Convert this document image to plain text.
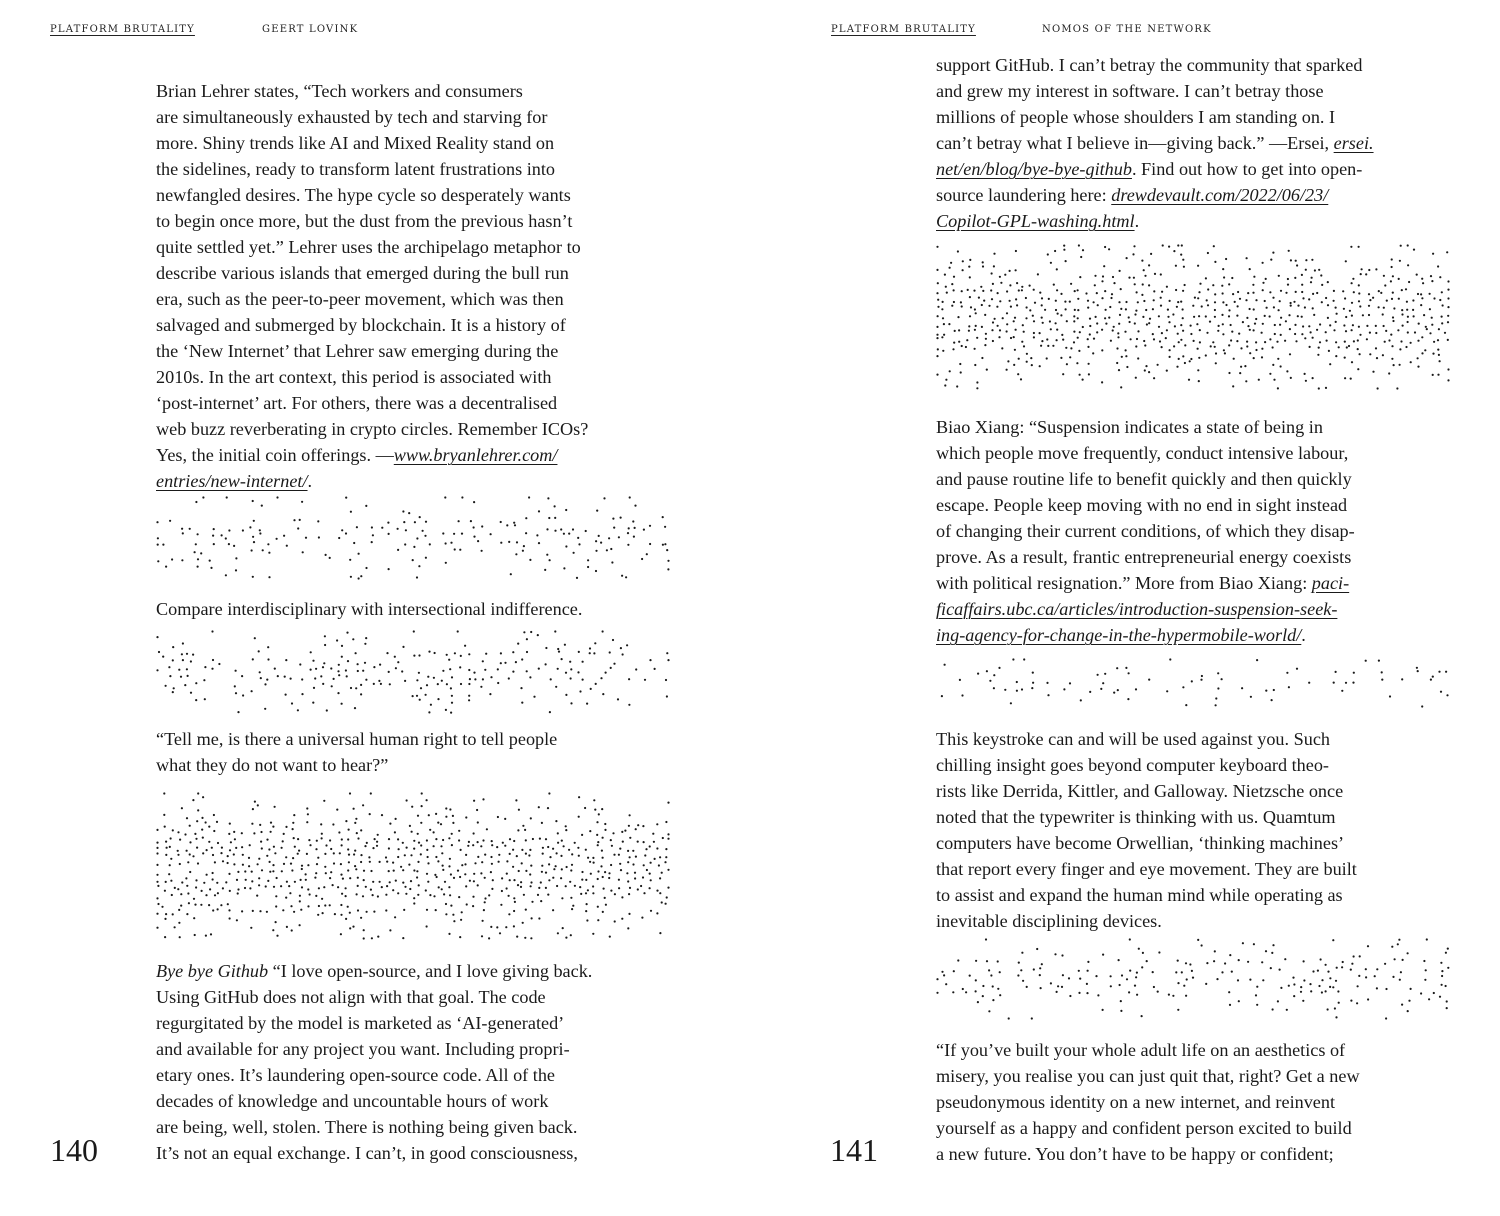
PLATFORM BRUTALITY	GEERT LOVINK
Brian Lehrer states, “Tech workers and consumers
are simultaneously exhausted by tech and starving for
more. Shiny trends like AI and Mixed Reality stand on
the sidelines, ready to transform latent frustrations into
newfangled desires. The hype cycle so desperately wants
to begin once more, but the dust from the previous hasn’t
quite settled yet.” Lehrer uses the archipelago metaphor to
describe various islands that emerged during the bull run
era, such as the peer-to-peer movement, which was then
salvaged and submerged by blockchain. It is a history of
the ‘New Internet’ that Lehrer saw emerging during the
2010s. In the art context, this period is associated with
‘post-internet’ art. For others, there was a decentralised
web buzz reverberating in crypto circles. Remember ICOs?
Yes, the initial coin offerings. —www.bryanlehrer.com/
entries/new-internet/.
Compare interdisciplinary with intersectional indifference.
“Tell me, is there a universal human right to tell people
what they do not want to hear?”
Bye bye Github “I love open-source, and I love giving back.
Using GitHub does not align with that goal. The code
regurgitated by the model is marketed as ‘AI-generated’
and available for any project you want. Including propri-
etary ones. It’s laundering open-source code. All of the
decades of knowledge and uncountable hours of work
are being, well, stolen. There is nothing being given back.
It’s not an equal exchange. I can’t, in good consciousness,
140
PLATFORM BRUTALITY	NOMOS OF THE NETWORK
support GitHub. I can’t betray the community that sparked
and grew my interest in software. I can’t betray those
millions of people whose shoulders I am standing on. I
can’t betray what I believe in—giving back.” —Ersei, ersei.
net/en/blog/bye-bye-github. Find out how to get into open-
source laundering here: drewdevault.com/2022/06/23/
Copilot-GPL-washing.html.
Biao Xiang: “Suspension indicates a state of being in
which people move frequently, conduct intensive labour,
and pause routine life to benefit quickly and then quickly
escape. People keep moving with no end in sight instead
of changing their current conditions, of which they disap-
prove. As a result, frantic entrepreneurial energy coexists
with political resignation.” More from Biao Xiang: paci-
ficaffairs.ubc.ca/articles/introduction-suspension-seek-
ing-agency-for-change-in-the-hypermobile-world/.
This keystroke can and will be used against you. Such
chilling insight goes beyond computer keyboard theo-
rists like Derrida, Kittler, and Galloway. Nietzsche once
noted that the typewriter is thinking with us. Quamtum
computers have become Orwellian, ‘thinking machines’
that report every finger and eye movement. They are built
to assist and expand the human mind while operating as
inevitable disciplining devices.
“If you’ve built your whole adult life on an aesthetics of
misery, you realise you can just quit that, right? Get a new
pseudonymous identity on a new internet, and reinvent
yourself as a happy and confident person excited to build
a new future. You don’t have to be happy or confident;
141
